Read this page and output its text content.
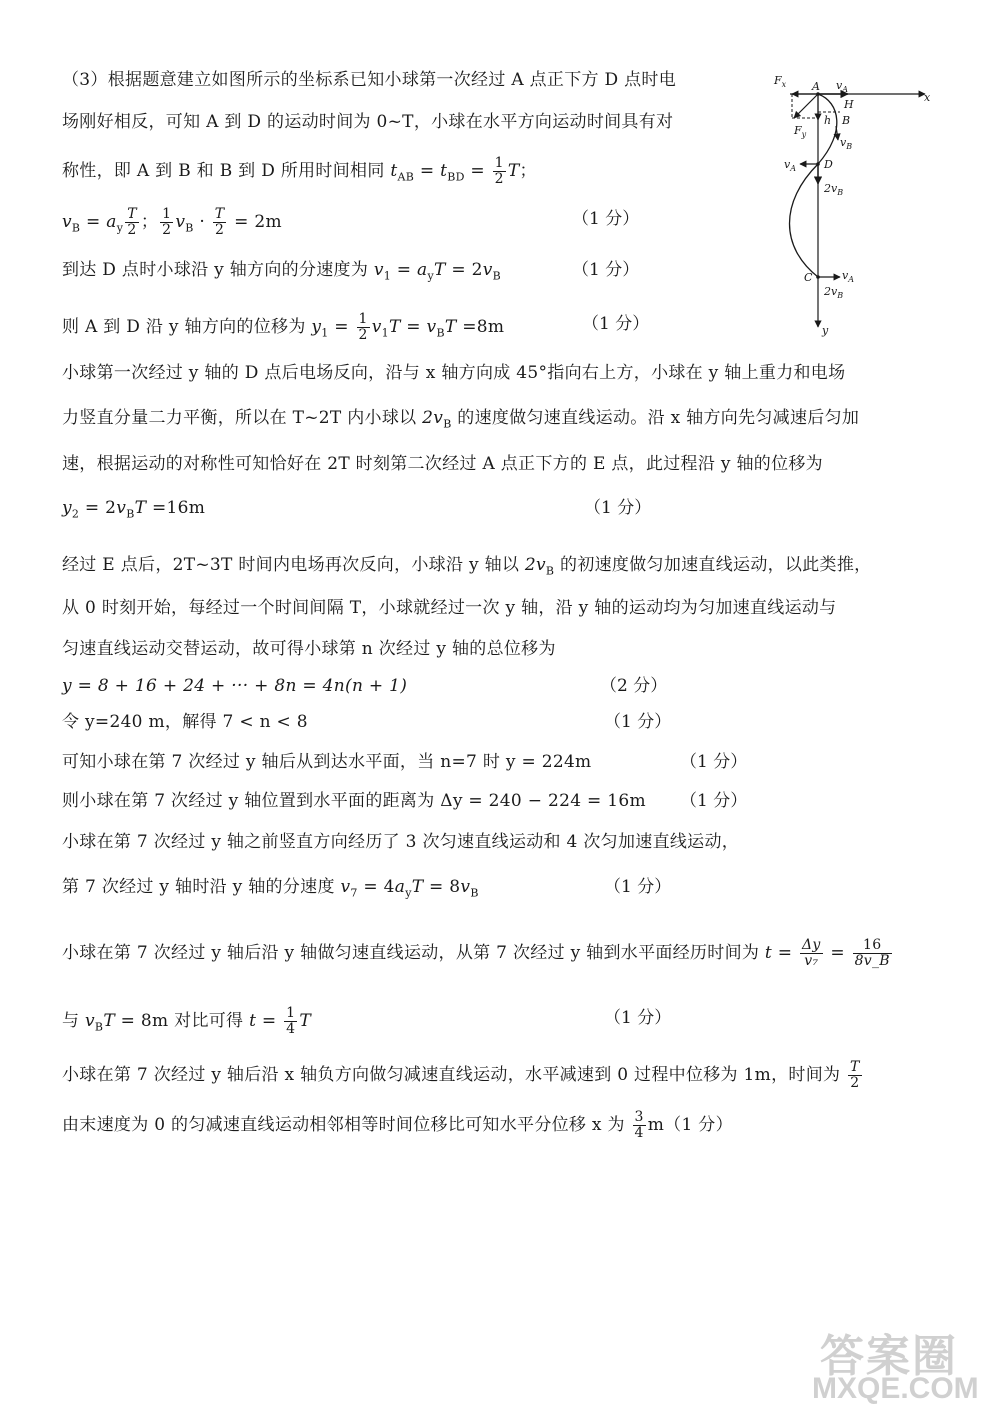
$F_x$ A $v_A$
x
H
h B
$F_y$
$v_B$
$v_A$	D
$2v_B$
C	$v_A$
$2v_B$
y
（3）根据题意建立如图所示的坐标系已知小球第一次经过 A 点正下方 D 点时电
场刚好相反，可知 A 到 D 的运动时间为 0~T，小球在水平方向运动时间具有对
称性，即 A 到 B 和 B 到 D 所用时间相同 $t_{AB} = t_{BD} = \frac{1}{2}$ T；
$v_B = a_y \frac{T}{2}$ ； $\frac{1}{2} v_B \cdot \frac{T}{2} = 2m$	（1 分）
到达 D 点时小球沿 y 轴方向的分速度为 $v_1 = a_yT = 2v_B$	（1 分）
则 A 到 D 沿 y 轴方向的位移为 $y_1 = \frac{1}{2} v_1T = v_BT =8m$	（1 分）
小球第一次经过 y 轴的 D 点后电场反向，沿与 x 轴方向成 45°指向右上方，小球在 y 轴上重力和电场
力竖直分量二力平衡，所以在 T~2T 内小球以 $2v_B$ 的速度做匀速直线运动。沿 x 轴方向先匀减速后匀加
速，根据运动的对称性可知恰好在 2T 时刻第二次经过 A 点正下方的 E 点，此过程沿 y 轴的位移为
$y_2 = 2v_BT =16m$	（1 分）
经过 E 点后，2T~3T 时间内电场再次反向，小球沿 y 轴以 $2v_B$ 的初速度做匀加速直线运动，以此类推，
从 0 时刻开始，每经过一个时间间隔 T，小球就经过一次 y 轴，沿 y 轴的运动均为匀加速直线运动与
匀速直线运动交替运动，故可得小球第 n 次经过 y 轴的总位移为
y = 8 + 16 + 24 + ··· + 8n = 4n(n + 1)	（2 分）
令 y=240 m，解得 7 < n < 8	（1 分）
可知小球在第 7 次经过 y 轴后从到达水平面，当 n=7 时 y = 224m	（1 分）
则小球在第 7 次经过 y 轴位置到水平面的距离为 Δy = 240 − 224 = 16m （1 分）
小球在第 7 次经过 y 轴之前竖直方向经历了 3 次匀速直线运动和 4 次匀加速直线运动，
第 7 次经过 y 轴时沿 y 轴的分速度 $v_7 = 4a_yT = 8v_B$	（1 分）
小球在第 7 次经过 y 轴后沿 y 轴做匀速直线运动，从第 7 次经过 y 轴到水平面经历时间为 $t = \frac{\Delta y}{\text{v₇}} = \frac{16}{8v\_B}$
与 $v_BT = 8m$ 对比可得 $t = \frac{1}{4}$ T	（1 分）
小球在第 7 次经过 y 轴后沿 x 轴负方向做匀减速直线运动，水平减速到 0 过程中位移为 1m，时间为 $\frac{T}{2}$
由末速度为 0 的匀减速直线运动相邻相等时间位移比可知水平分位移 x 为 $\frac{3}{4} m(1$ 分）
答案圈
MXQE.COM
